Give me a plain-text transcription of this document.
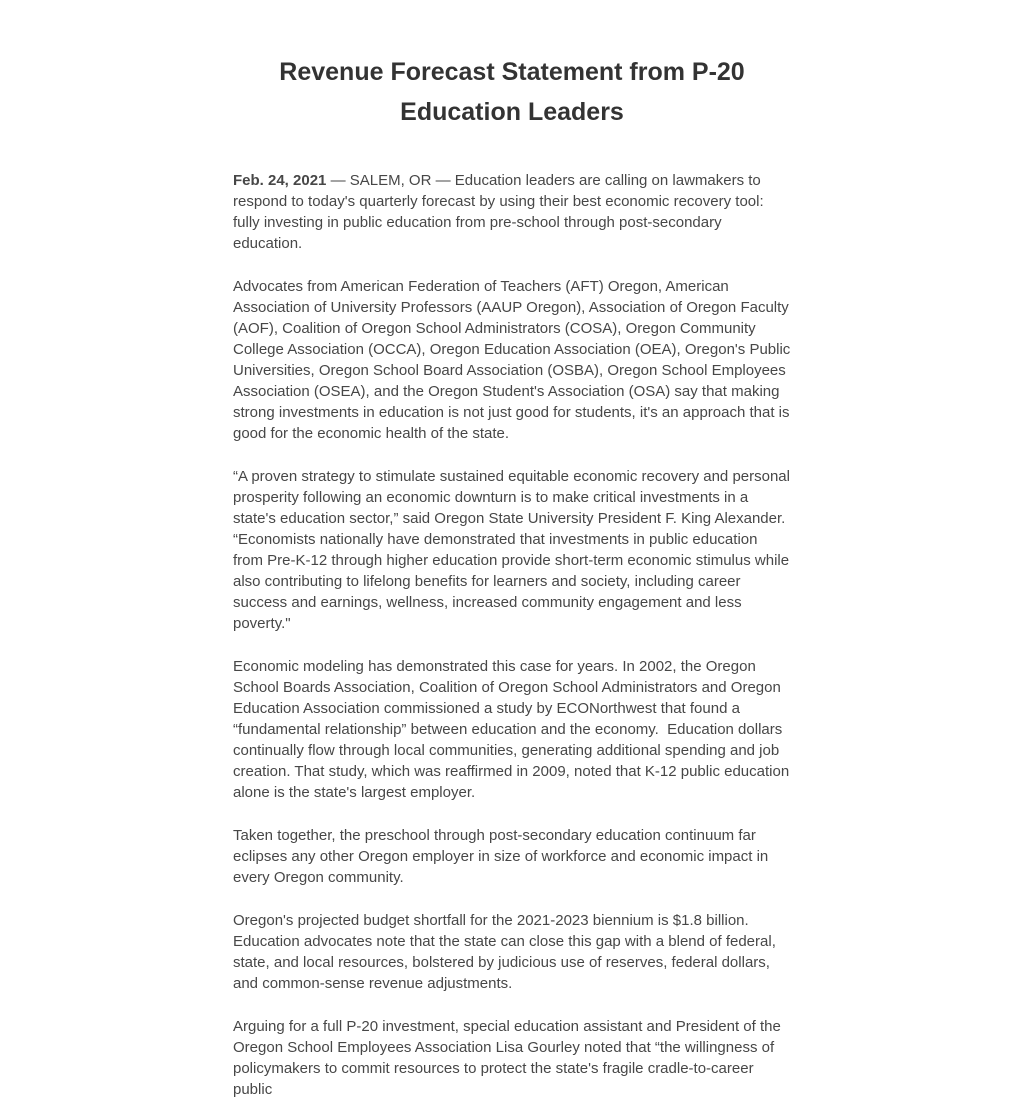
Revenue Forecast Statement from P-20 Education Leaders

Feb. 24, 2021 — SALEM, OR — Education leaders are calling on lawmakers to respond to today's quarterly forecast by using their best economic recovery tool: fully investing in public education from pre-school through post-secondary education.

Advocates from American Federation of Teachers (AFT) Oregon, American Association of University Professors (AAUP Oregon), Association of Oregon Faculty (AOF), Coalition of Oregon School Administrators (COSA), Oregon Community College Association (OCCA), Oregon Education Association (OEA), Oregon's Public Universities, Oregon School Board Association (OSBA), Oregon School Employees Association (OSEA), and the Oregon Student's Association (OSA) say that making strong investments in education is not just good for students, it's an approach that is good for the economic health of the state.

“A proven strategy to stimulate sustained equitable economic recovery and personal prosperity following an economic downturn is to make critical investments in a state's education sector,” said Oregon State University President F. King Alexander. “Economists nationally have demonstrated that investments in public education from Pre-K-12 through higher education provide short-term economic stimulus while also contributing to lifelong benefits for learners and society, including career success and earnings, wellness, increased community engagement and less poverty."

Economic modeling has demonstrated this case for years. In 2002, the Oregon School Boards Association, Coalition of Oregon School Administrators and Oregon Education Association commissioned a study by ECONorthwest that found a “fundamental relationship” between education and the economy.  Education dollars continually flow through local communities, generating additional spending and job creation. That study, which was reaffirmed in 2009, noted that K-12 public education alone is the state's largest employer.

Taken together, the preschool through post-secondary education continuum far eclipses any other Oregon employer in size of workforce and economic impact in every Oregon community.

Oregon's projected budget shortfall for the 2021-2023 biennium is $1.8 billion. Education advocates note that the state can close this gap with a blend of federal, state, and local resources, bolstered by judicious use of reserves, federal dollars, and common-sense revenue adjustments.

Arguing for a full P-20 investment, special education assistant and President of the Oregon School Employees Association Lisa Gourley noted that “the willingness of policymakers to commit resources to protect the state's fragile cradle-to-career public
